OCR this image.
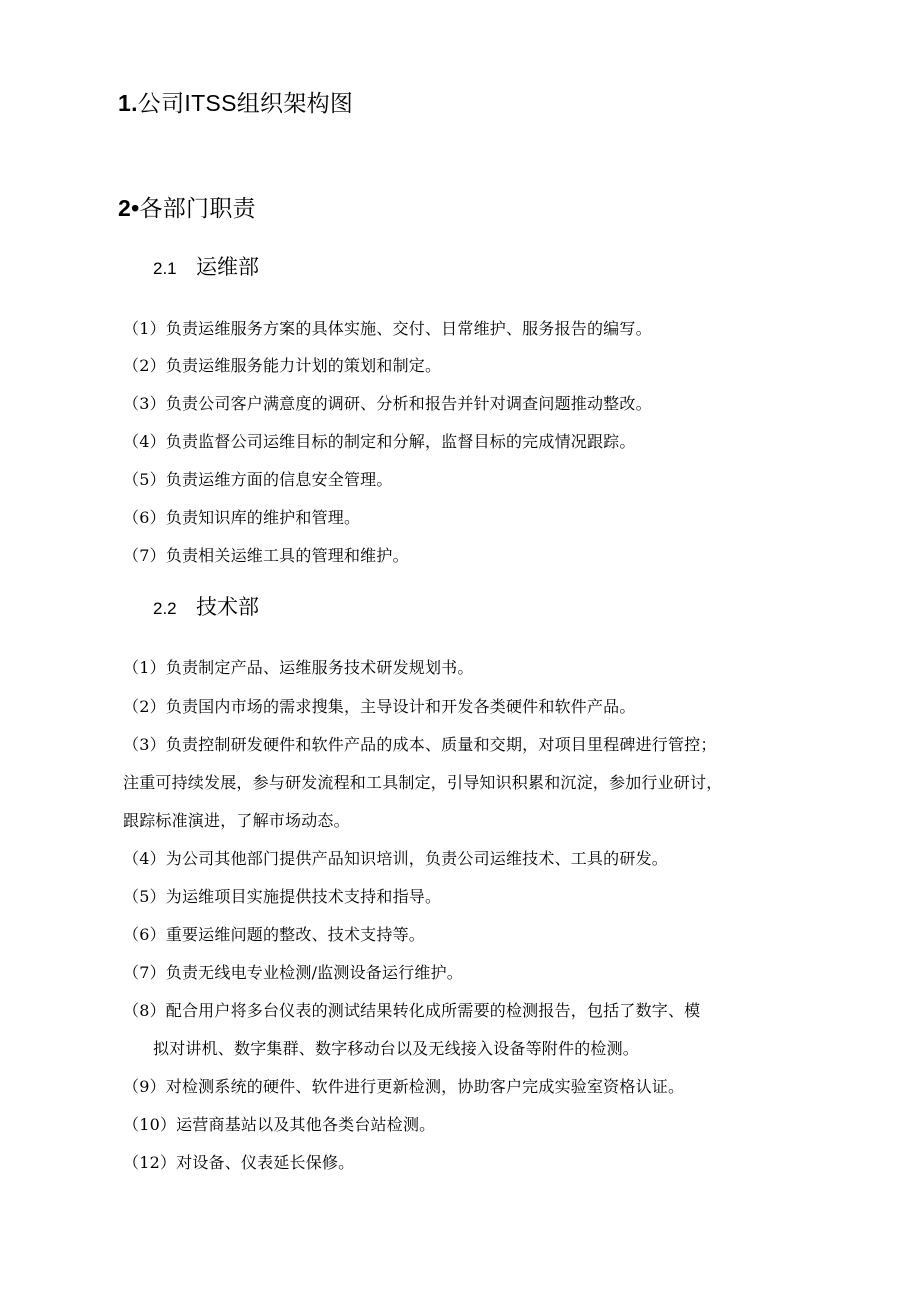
1.公司ITSS组织架构图
2•各部门职责
2.1 运维部

（1）负责运维服务方案的具体实施、交付、日常维护、服务报告的编写。

（2）负责运维服务能力计划的策划和制定。

（3）负责公司客户满意度的调研、分析和报告并针对调查问题推动整改。

（4）负责监督公司运维目标的制定和分解，监督目标的完成情况跟踪。

（5）负责运维方面的信息安全管理。

（6）负责知识库的维护和管理。

（7）负责相关运维工具的管理和维护。

2.2 技术部

（1）负责制定产品、运维服务技术研发规划书。

（2）负责国内市场的需求搜集，主导设计和开发各类硬件和软件产品。

（3）负责控制研发硬件和软件产品的成本、质量和交期，对项目里程碑进行管控；

注重可持续发展，参与研发流程和工具制定，引导知识积累和沉淀，参加行业研讨，

跟踪标准演进，了解市场动态。

（4）为公司其他部门提供产品知识培训，负责公司运维技术、工具的研发。

（5）为运维项目实施提供技术支持和指导。

（6）重要运维问题的整改、技术支持等。

（7）负责无线电专业检测/监测设备运行维护。

（8）配合用户将多台仪表的测试结果转化成所需要的检测报告，包括了数字、模

拟对讲机、数字集群、数字移动台以及无线接入设备等附件的检测。

（9）对检测系统的硬件、软件进行更新检测，协助客户完成实验室资格认证。

（10）运营商基站以及其他各类台站检测。

（12）对设备、仪表延长保修。
